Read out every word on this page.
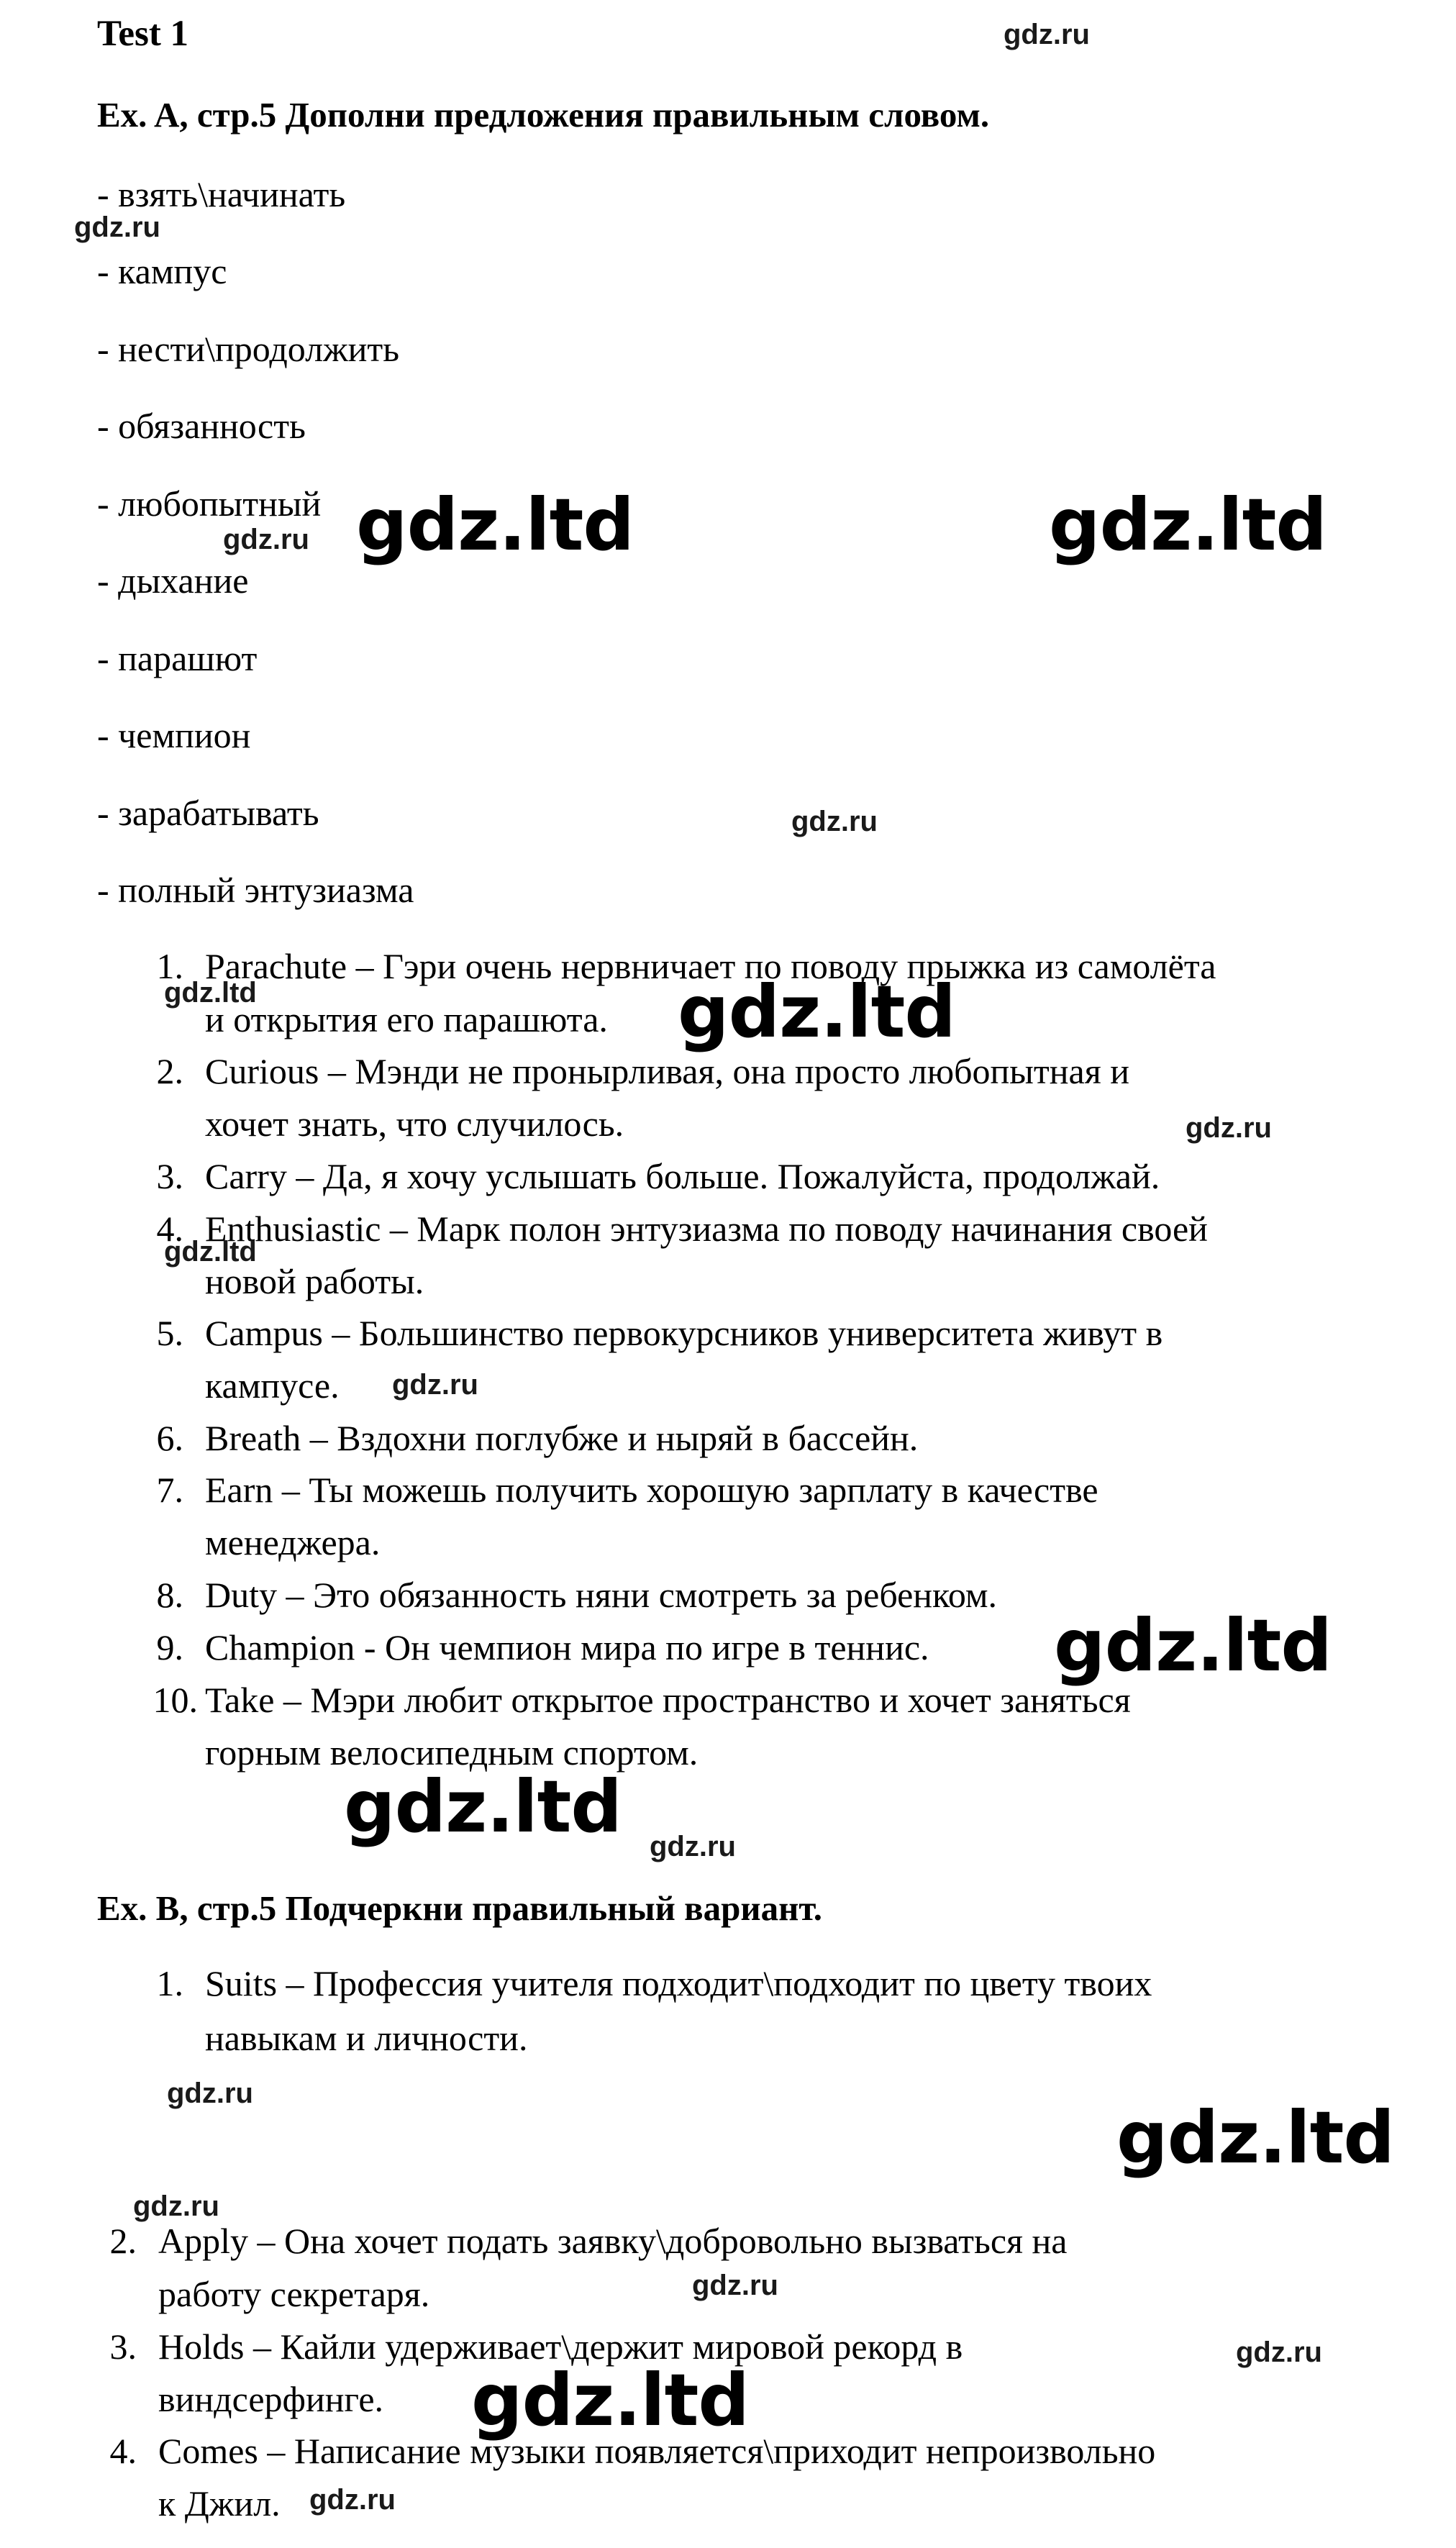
Test 1
Ex. A, стр.5 Дополни предложения правильным словом.
- взять\начинать
- кампус
- нести\продолжить
- обязанность
- любопытный
- дыхание
- парашют
- чемпион
- зарабатывать
- полный энтузиазма
1. Parachute – Гэри очень нервничает по поводу прыжка из самолёта
и открытия его парашюта.
2. Curious – Мэнди не пронырливая, она просто любопытная и
хочет знать, что случилось.
3. Carry – Да, я хочу услышать больше. Пожалуйста, продолжай.
4. Enthusiastic – Марк полон энтузиазма по поводу начинания своей
новой работы.
5. Campus – Большинство первокурсников университета живут в
кампусе.
6. Breath – Вздохни поглубже и ныряй в бассейн.
7. Earn – Ты можешь получить хорошую зарплату в качестве
менеджера.
8. Duty – Это обязанность няни смотреть за ребенком.
9. Champion - Он чемпион мира по игре в теннис.
10. Take – Мэри любит открытое пространство и хочет заняться
горным велосипедным спортом.
Ex. B, стр.5 Подчеркни правильный вариант.
1. Suits – Профессия учителя подходит\подходит по цвету твоих
навыкам и личности.
2. Apply – Она хочет подать заявку\добровольно вызваться на
работу секретаря.
3. Holds – Кайли удерживает\держит мировой рекорд в
виндсерфинге.
4. Comes – Написание музыки появляется\приходит непроизвольно
к Джил.
gdz.ru
gdz.ru
gdz.ru
gdz.ru
gdz.ru
gdz.ru
gdz.ru
gdz.ru
gdz.ru
gdz.ru
gdz.ru
gdz.ru
gdz.ltd
gdz.ltd
gdz.ltd	gdz.ltd
gdz.ltd
gdz.ltd
gdz.ltd
gdz.ltd
gdz.ltd
